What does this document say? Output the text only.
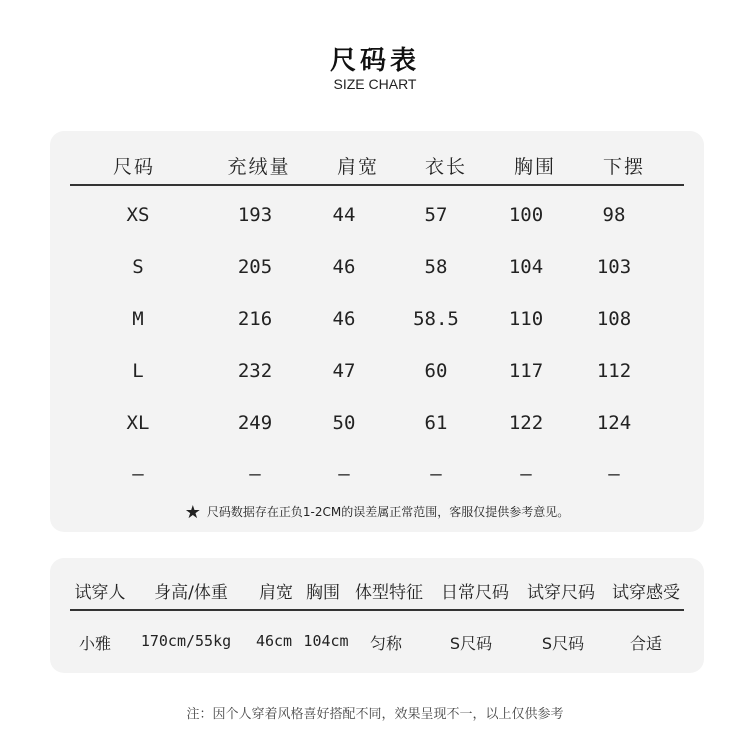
尺码表
SIZE CHART
尺码	充绒量 肩宽 衣长 胸围 下摆
XS	193	44	57	100	98
S	205	46	58	104	103
M	216	46	58.5	110	108
L	232	47	60	117	112
XL	249	50	61	122	124
–	–	–	–	–	–
★ 尺码数据存在正负1-2CM的误差属正常范围，客服仅提供参考意见。
试穿人 身高/体重 肩宽 胸围 体型特征 日常尺码 试穿尺码 试穿感受
小雅 170cm/55kg 46cm 104cm 匀称	S尺码	S尺码	合适
注：因个人穿着风格喜好搭配不同，效果呈现不一，以上仅供参考
